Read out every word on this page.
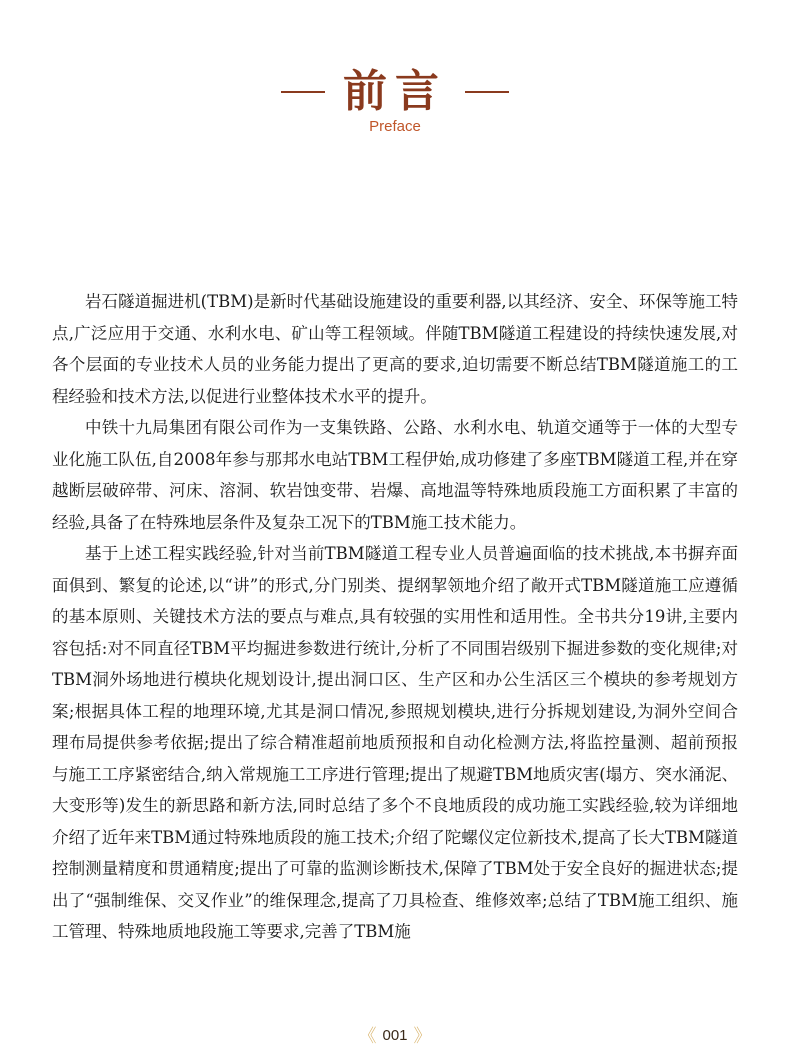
前言
Preface

岩石隧道掘进机(TBM)是新时代基础设施建设的重要利器,以其经济、安全、环保等施工特点,广泛应用于交通、水利水电、矿山等工程领域。伴随TBM隧道工程建设的持续快速发展,对各个层面的专业技术人员的业务能力提出了更高的要求,迫切需要不断总结TBM隧道施工的工程经验和技术方法,以促进行业整体技术水平的提升。

中铁十九局集团有限公司作为一支集铁路、公路、水利水电、轨道交通等于一体的大型专业化施工队伍,自2008年参与那邦水电站TBM工程伊始,成功修建了多座TBM隧道工程,并在穿越断层破碎带、河床、溶洞、软岩蚀变带、岩爆、高地温等特殊地质段施工方面积累了丰富的经验,具备了在特殊地层条件及复杂工况下的TBM施工技术能力。

基于上述工程实践经验,针对当前TBM隧道工程专业人员普遍面临的技术挑战,本书摒弃面面俱到、繁复的论述,以“讲”的形式,分门别类、提纲挈领地介绍了敞开式TBM隧道施工应遵循的基本原则、关键技术方法的要点与难点,具有较强的实用性和适用性。全书共分19讲,主要内容包括:对不同直径TBM平均掘进参数进行统计,分析了不同围岩级别下掘进参数的变化规律;对TBM洞外场地进行模块化规划设计,提出洞口区、生产区和办公生活区三个模块的参考规划方案;根据具体工程的地理环境,尤其是洞口情况,参照规划模块,进行分拆规划建设,为洞外空间合理布局提供参考依据;提出了综合精准超前地质预报和自动化检测方法,将监控量测、超前预报与施工工序紧密结合,纳入常规施工工序进行管理;提出了规避TBM地质灾害(塌方、突水涌泥、大变形等)发生的新思路和新方法,同时总结了多个不良地质段的成功施工实践经验,较为详细地介绍了近年来TBM通过特殊地质段的施工技术;介绍了陀螺仪定位新技术,提高了长大TBM隧道控制测量精度和贯通精度;提出了可靠的监测诊断技术,保障了TBM处于安全良好的掘进状态;提出了“强制维保、交叉作业”的维保理念,提高了刀具检查、维修效率;总结了TBM施工组织、施工管理、特殊地质地段施工等要求,完善了TBM施

《 001 》
